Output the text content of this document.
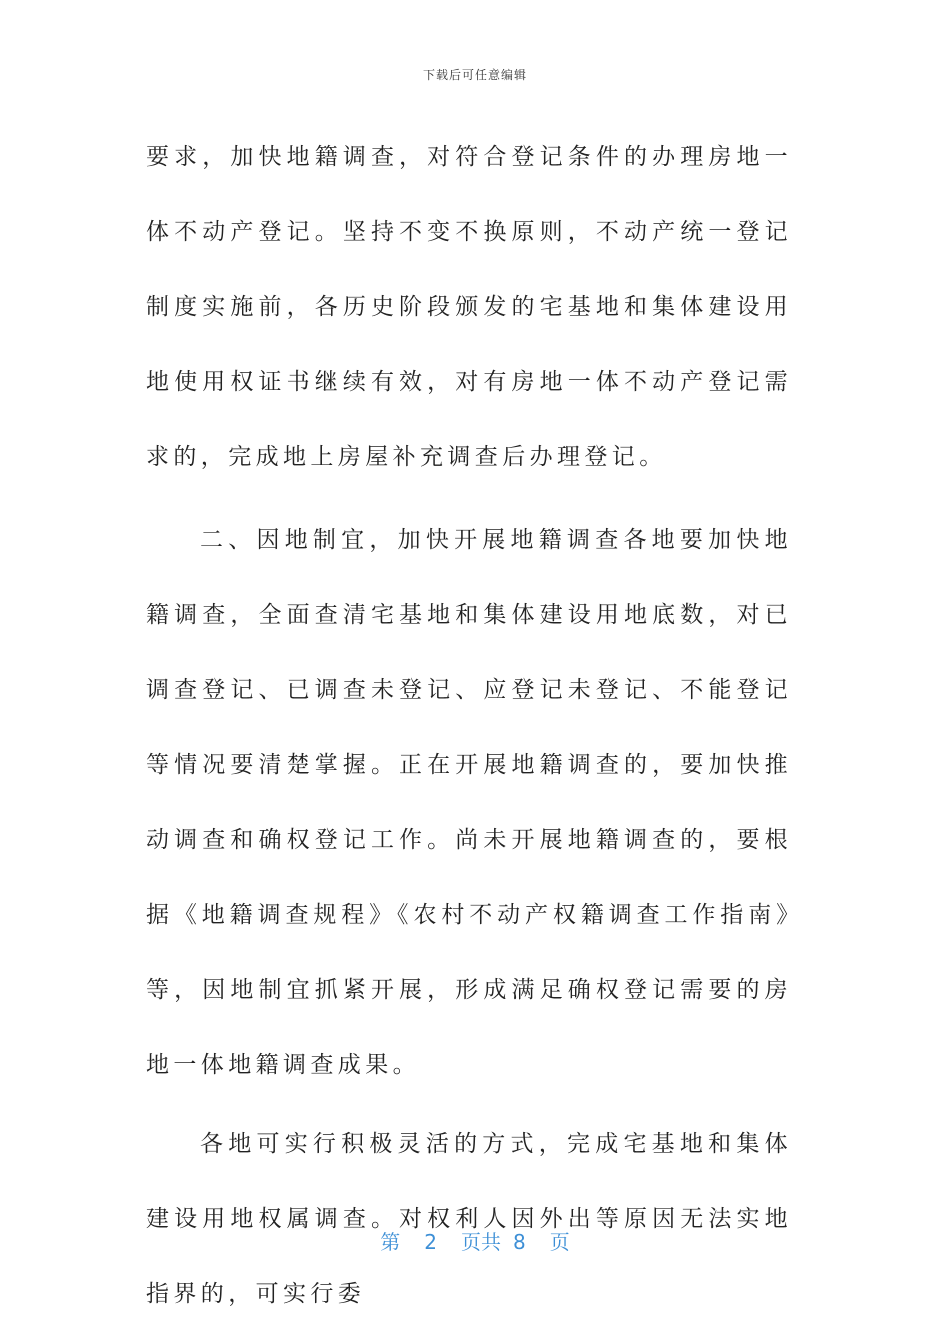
下载后可任意编辑

要求，加快地籍调查，对符合登记条件的办理房地一体不动产登记。坚持不变不换原则，不动产统一登记制度实施前，各历史阶段颁发的宅基地和集体建设用地使用权证书继续有效，对有房地一体不动产登记需求的，完成地上房屋补充调查后办理登记。

二、因地制宜，加快开展地籍调查各地要加快地籍调查，全面查清宅基地和集体建设用地底数，对已调查登记、已调查未登记、应登记未登记、不能登记等情况要清楚掌握。正在开展地籍调查的，要加快推动调查和确权登记工作。尚未开展地籍调查的，要根据《地籍调查规程》《农村不动产权籍调查工作指南》等，因地制宜抓紧开展，形成满足确权登记需要的房地一体地籍调查成果。

各地可实行积极灵活的方式，完成宅基地和集体建设用地权属调查。对权利人因外出等原因无法实地指界的，可实行委

第 2 页共 8 页
